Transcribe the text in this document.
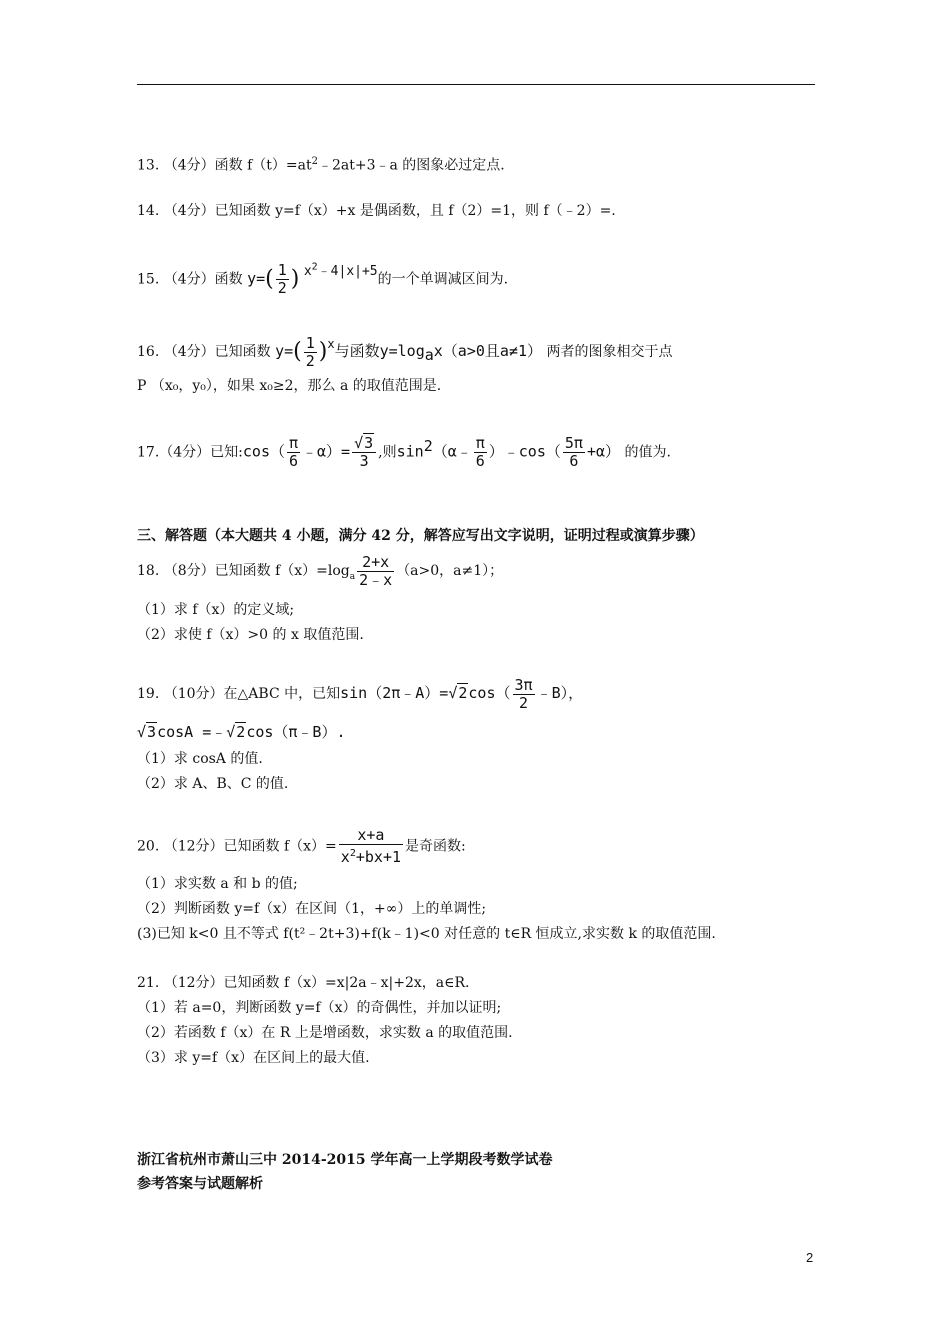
13. （4分）函数 $f(t)=at^2﹣2at+3﹣a$ 的图象必过定点.
14. （4分）已知函数 y=f（x）+x 是偶函数，且 f（2）=1，则 f（﹣2）=.
15. （4分）函数 $y=( \frac{1}{2}$ ) $x^2﹣4|x|+5$的一个单调减区间为.
16. （4分）已知函数 $y=( \frac{1}{2} )x$与函数$y=\log_ax(a>0$且a≠1） 两者的图象相交于点
P （x₀，y₀），如果 x₀≥2，那么 a 的取值范围是.
17.（4分）已知:cos（ $\frac{\pi}{6}$ ﹣α）= $\frac{√3}{3}$ ,则$\sin^2(\alpha﹣ \frac{\pi}{6}$ ）﹣cos（ $\frac{5\pi}{6} +\alpha$） 的值为.
三、解答题（本大题共 4 小题，满分 42 分，解答应写出文字说明，证明过程或演算步骤）
18. （8分）已知函数 $f(x)=\log_a \frac{2+x}{2﹣x} (a>0$，a≠1）；
（1）求 f（x）的定义域;
（2）求使 f（x）>0 的 x 取值范围.
19. （10分）在△ABC 中，已知sin（2π﹣A）=√2cos（ $\frac{3\pi}{2}$ ﹣B），
√3cosA =﹣√2cos（π﹣B）.
（1）求 cosA 的值.
（2）求 A、B、C 的值.
20. （12分）已知函数 $f(x)= \frac{x+a}{x^2+bx+1}$ 是奇函数:
（1）求实数 a 和 b 的值;
（2）判断函数 y=f（x）在区间（1，+∞）上的单调性;
(3)已知 k<0 且不等式 f(t²﹣2t+3)+f(k﹣1)<0 对任意的 t∈R 恒成立,求实数 k 的取值范围.
21. （12分）已知函数 f（x）=x|2a﹣x|+2x，a∈R.
（1）若 a=0，判断函数 y=f（x）的奇偶性，并加以证明;
（2）若函数 f（x）在 R 上是增函数，求实数 a 的取值范围.
（3）求 y=f（x）在区间上的最大值.
浙江省杭州市萧山三中 2014-2015 学年高一上学期段考数学试卷
参考答案与试题解析
2
